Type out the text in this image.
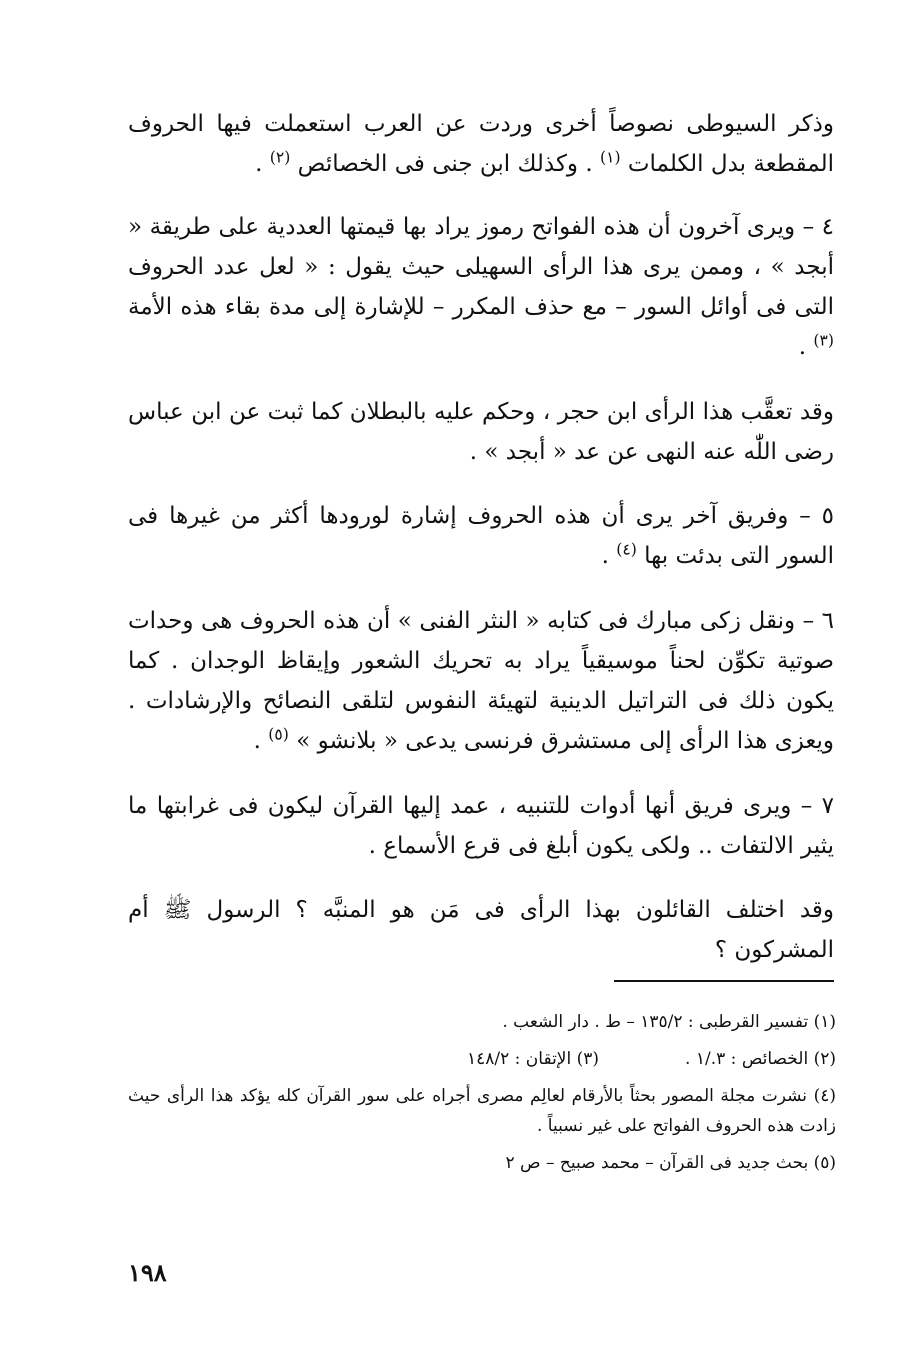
وذكر السيوطى نصوصاً أخرى وردت عن العرب استعملت فيها الحروف المقطعة بدل الكلمات $^{(١)}$ . وكذلك ابن جنى فى الخصائص $^{(٢)}$ .

٤ – ويرى آخرون أن هذه الفواتح رموز يراد بها قيمتها العددية على طريقة « أبجد » ، وممن يرى هذا الرأى السهيلى حيث يقول : « لعل عدد الحروف التى فى أوائل السور – مع حذف المكرر – للإشارة إلى مدة بقاء هذه الأمة $^{(٣)}$ .

وقد تعقَّب هذا الرأى ابن حجر ، وحكم عليه بالبطلان كما ثبت عن ابن عباس رضى اللّٰه عنه النهى عن عد « أبجد » .

٥ – وفريق آخر يرى أن هذه الحروف إشارة لورودها أكثر من غيرها فى السور التى بدئت بها $^{(٤)}$ .

٦ – ونقل زكى مبارك فى كتابه « النثر الفنى » أن هذه الحروف هى وحدات صوتية تكوِّن لحناً موسيقياً يراد به تحريك الشعور وإيقاظ الوجدان . كما يكون ذلك فى التراتيل الدينية لتهيئة النفوس لتلقى النصائح والإرشادات . ويعزى هذا الرأى إلى مستشرق فرنسى يدعى « بلانشو » $^{(٥)}$ .

٧ – ويرى فريق أنها أدوات للتنبيه ، عمد إليها القرآن ليكون فى غرابتها ما يثير الالتفات .. ولكى يكون أبلغ فى قرع الأسماع .

وقد اختلف القائلون بهذا الرأى فى مَن هو المنبَّه ؟ الرسول ﷺ أم المشركون ؟

(١) تفسير القرطبى : ١٣٥/٢ – ط . دار الشعب .
(٢) الخصائص : ٣./١ .
(٣) الإتقان : ١٤٨/٢
(٤) نشرت مجلة المصور بحثاً بالأرقام لعالِم مصرى أجراه على سور القرآن كله يؤكد هذا الرأى حيث زادت هذه الحروف الفواتح على غير نسبياً .
(٥) بحث جديد فى القرآن – محمد صبيح – ص ٢
١٩٨
